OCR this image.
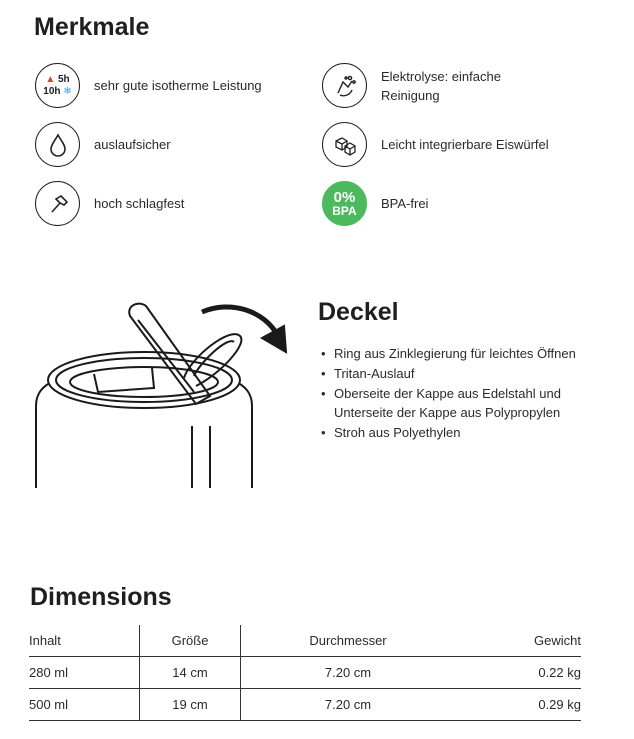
Merkmale
▲ 5h
10h ❄ sehr gute isotherme Leistung
Elektrolyse: einfache Reinigung
auslaufsicher	Leicht integrierbare Eiswürfel
hoch schlagfest	0%
BPA BPA-frei
Deckel
• Ring aus Zinklegierung für leichtes Öffnen
• Tritan-Auslauf
• Oberseite der Kappe aus Edelstahl und Unterseite der Kappe aus Polypropylen
• Stroh aus Polyethylen
Dimensions
Inhalt	Größe	Durchmesser	Gewicht
280 ml	14 cm	7.20 cm	0.22 kg
500 ml	19 cm	7.20 cm	0.29 kg
